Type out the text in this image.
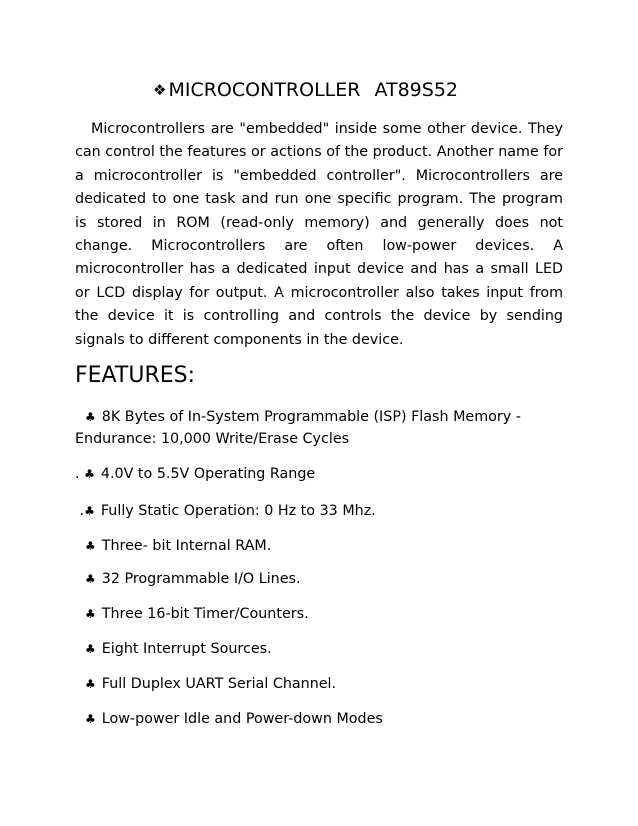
❖ MICROCONTROLLER AT89S52

Microcontrollers are "embedded" inside some other device. They can control the features or actions of the product. Another name for a microcontroller is "embedded controller". Microcontrollers are dedicated to one task and run one specific program. The program is stored in ROM (read-only memory) and generally does not change. Microcontrollers are often low-power devices. A microcontroller has a dedicated input device and has a small LED or LCD display for output. A microcontroller also takes input from the device it is controlling and controls the device by sending signals to different components in the device.

FEATURES:
♣ 8K Bytes of In-System Programmable (ISP) Flash Memory -
Endurance: 10,000 Write/Erase Cycles
. ♣ 4.0V to 5.5V Operating Range
.♣ Fully Static Operation: 0 Hz to 33 Mhz.
♣ Three- bit Internal RAM.
♣ 32 Programmable I/O Lines.
♣ Three 16-bit Timer/Counters.
♣ Eight Interrupt Sources.
♣ Full Duplex UART Serial Channel.
♣ Low-power Idle and Power-down Modes
